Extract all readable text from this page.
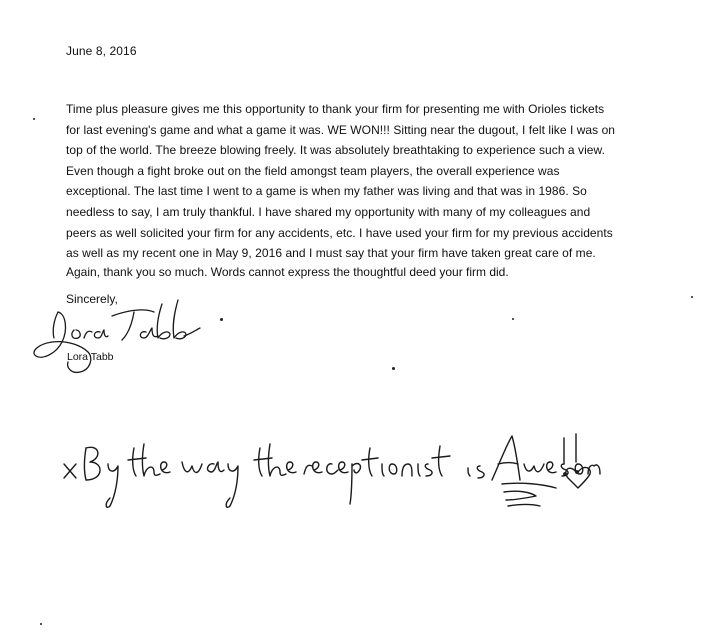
June 8, 2016

Time plus pleasure gives me this opportunity to thank your firm for presenting me with Orioles tickets

for last evening's game and what a game it was. WE WON!!! Sitting near the dugout, I felt like I was on

top of the world. The breeze blowing freely. It was absolutely breathtaking to experience such a view.

Even though a fight broke out on the field amongst team players, the overall experience was

exceptional. The last time I went to a game is when my father was living and that was in 1986. So

needless to say, I am truly thankful. I have shared my opportunity with many of my colleagues and

peers as well solicited your firm for any accidents, etc. I have used your firm for my previous accidents

as well as my recent one in May 9, 2016 and I must say that your firm have taken great care of me.

Again, thank you so much. Words cannot express the thoughtful deed your firm did.
Sincerely,
Lora Tabb
